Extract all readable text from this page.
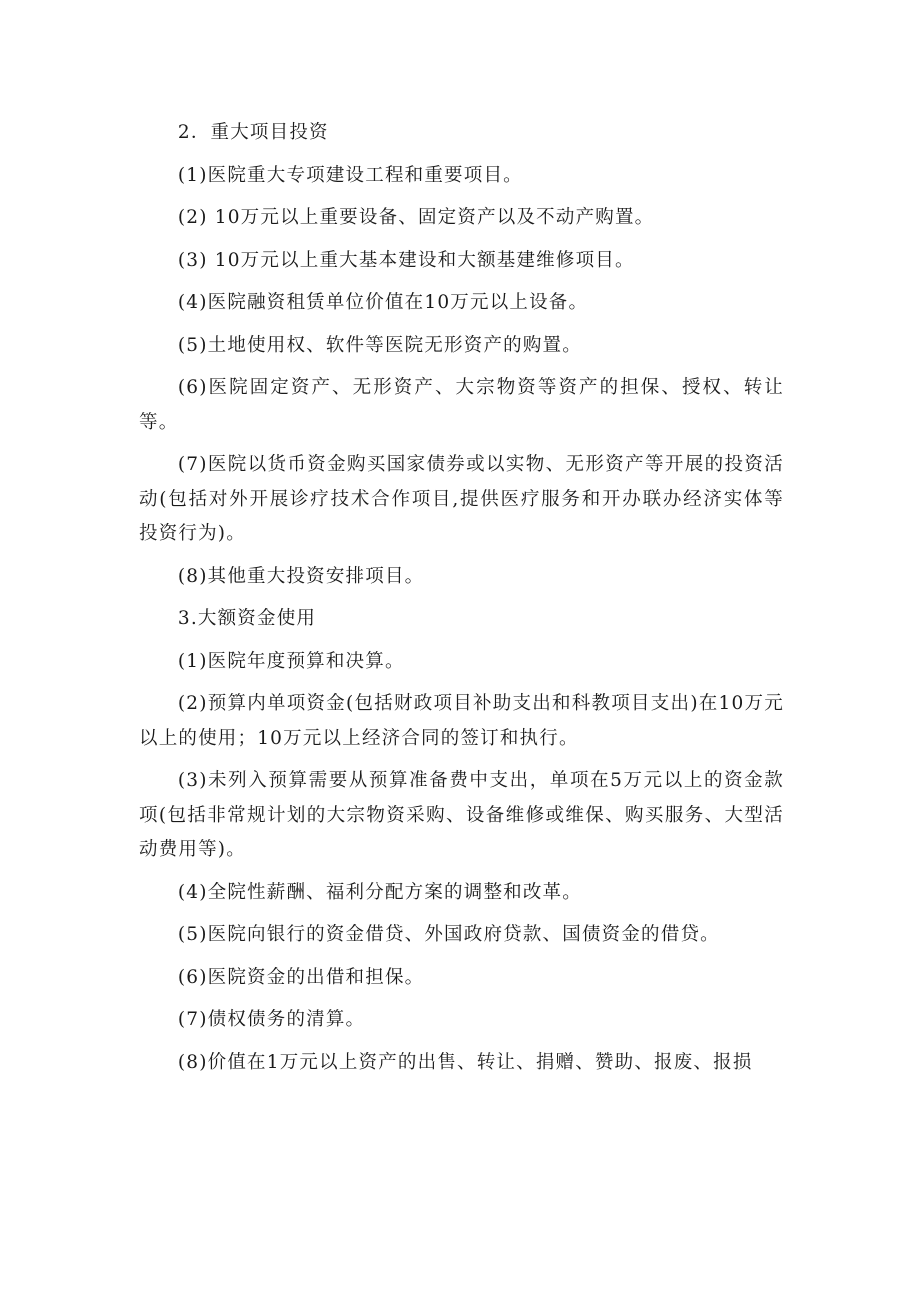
2．重大项目投资

(1)医院重大专项建设工程和重要项目。

(2) 10万元以上重要设备、固定资产以及不动产购置。

(3) 10万元以上重大基本建设和大额基建维修项目。

(4)医院融资租赁单位价值在10万元以上设备。

(5)土地使用权、软件等医院无形资产的购置。

(6)医院固定资产、无形资产、大宗物资等资产的担保、授权、转让等。

(7)医院以货币资金购买国家债券或以实物、无形资产等开展的投资活动(包括对外开展诊疗技术合作项目,提供医疗服务和开办联办经济实体等投资行为)。

(8)其他重大投资安排项目。

3.大额资金使用

(1)医院年度预算和决算。

(2)预算内单项资金(包括财政项目补助支出和科教项目支出)在10万元以上的使用；10万元以上经济合同的签订和执行。

(3)未列入预算需要从预算准备费中支出，单项在5万元以上的资金款项(包括非常规计划的大宗物资采购、设备维修或维保、购买服务、大型活动费用等)。

(4)全院性薪酬、福利分配方案的调整和改革。

(5)医院向银行的资金借贷、外国政府贷款、国债资金的借贷。

(6)医院资金的出借和担保。

(7)债权债务的清算。

(8)价值在1万元以上资产的出售、转让、捐赠、赞助、报废、报损
